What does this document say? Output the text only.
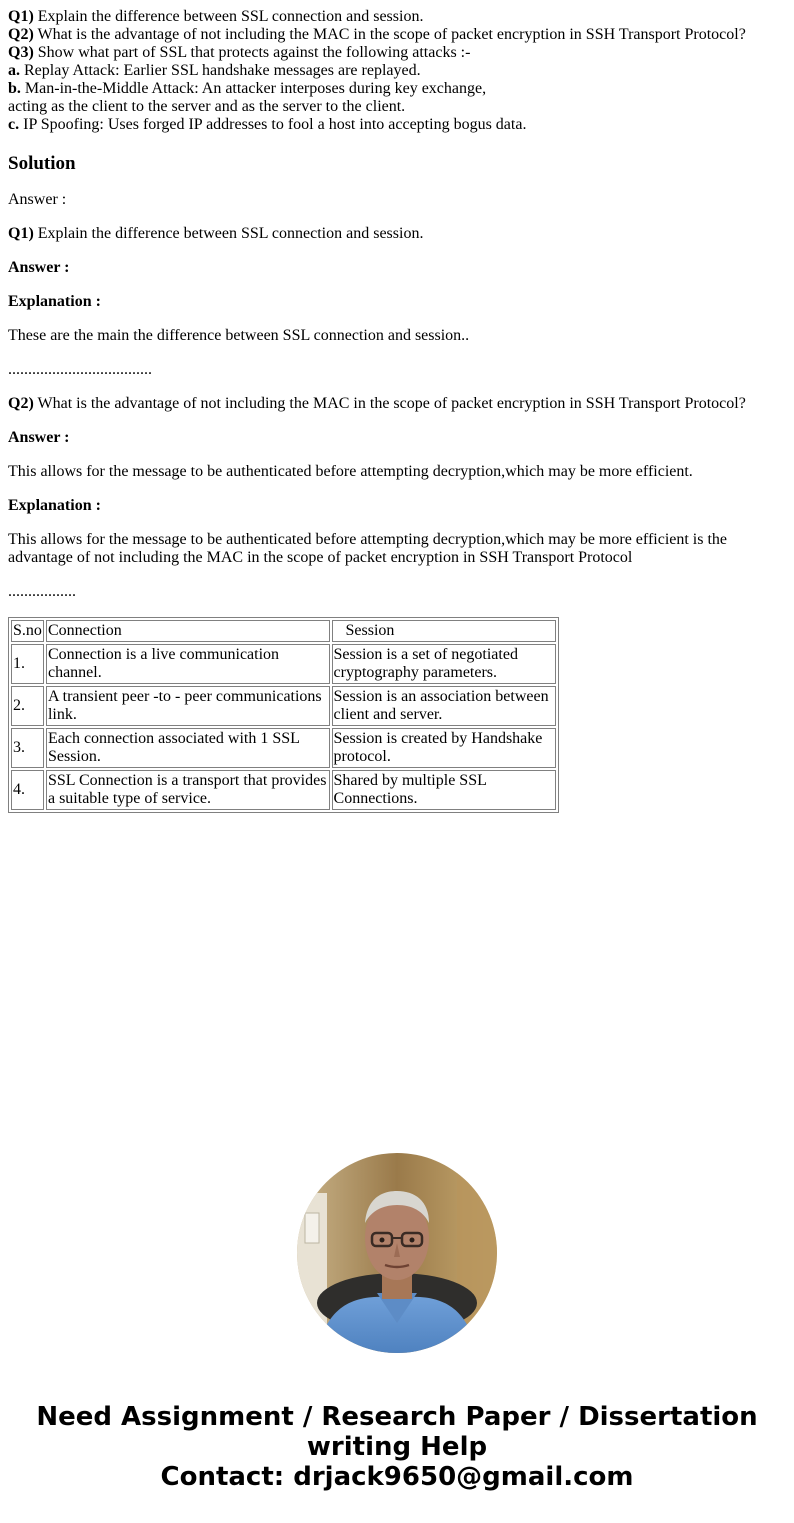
Q1) Explain the difference between SSL connection and session.
Q2) What is the advantage of not including the MAC in the scope of packet encryption in SSH Transport Protocol?
Q3) Show what part of SSL that protects against the following attacks :-
a. Replay Attack: Earlier SSL handshake messages are replayed.
b. Man-in-the-Middle Attack: An attacker interposes during key exchange,
acting as the client to the server and as the server to the client.
c. IP Spoofing: Uses forged IP addresses to fool a host into accepting bogus data.
Solution

Answer :

Q1) Explain the difference between SSL connection and session.

Answer :

Explanation :

These are the main the difference between SSL connection and session..

....................................

Q2) What is the advantage of not including the MAC in the scope of packet encryption in SSH Transport Protocol?

Answer :

This allows for the message to be authenticated before attempting decryption,which may be more efficient.

Explanation :

This allows for the message to be authenticated before attempting decryption,which may be more efficient is the advantage of not including the MAC in the scope of packet encryption in SSH Transport Protocol

.................

S.no	Connection	Session
1.	Connection is a live communication channel.	Session is a set of negotiated cryptography parameters.
2.	A transient peer -to - peer communications link.	Session is an association between client and server.
3.	Each connection associated with 1 SSL Session.	Session is created by Handshake protocol.
4.	SSL Connection is a transport that provides a suitable type of service.	Shared by multiple SSL Connections.
Need Assignment / Research Paper / Dissertation
writing Help
Contact: drjack9650@gmail.com
